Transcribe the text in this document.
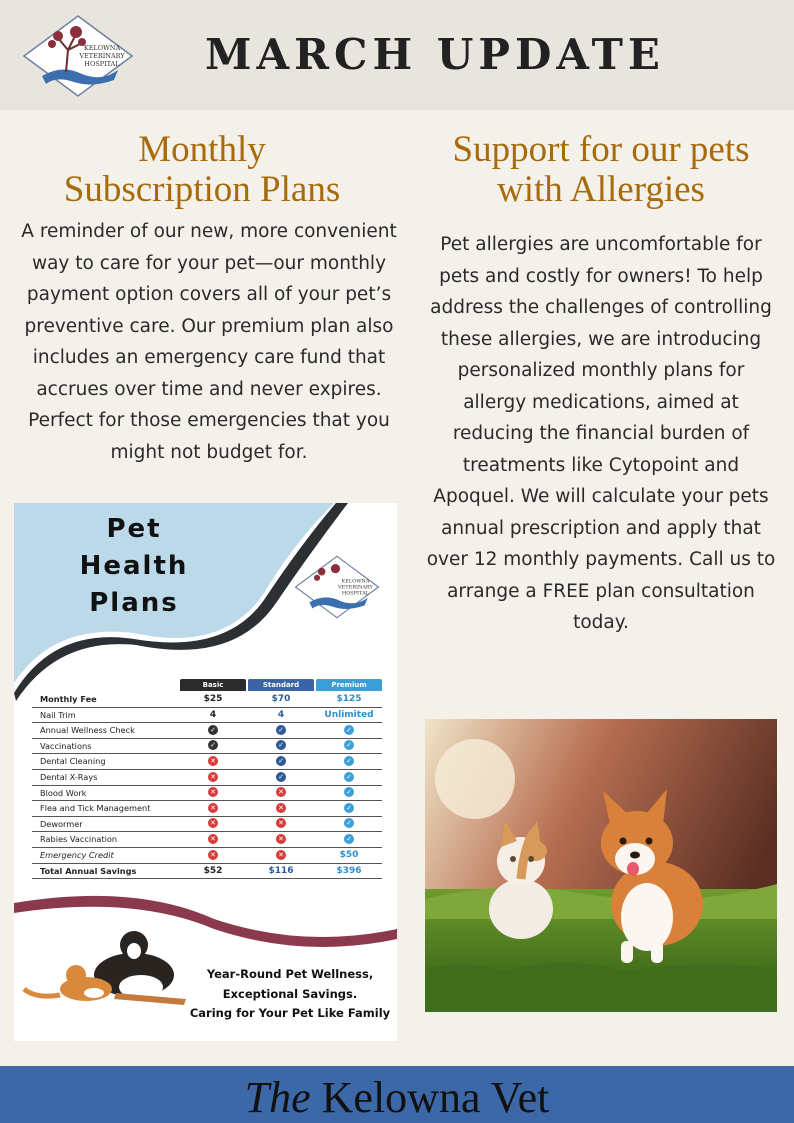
KELOWNA
VETERINARY
HOSPITAL	MARCH UPDATE
Monthly
Subscription Plans
A reminder of our new, more convenient way to care for your pet—our monthly payment option covers all of your pet’s preventive care. Our premium plan also includes an emergency care fund that accrues over time and never expires. Perfect for those emergencies that you might not budget for.
Support for our pets
with Allergies
Pet allergies are uncomfortable for pets and costly for owners! To help address the challenges of controlling these allergies, we are introducing personalized monthly plans for allergy medications, aimed at reducing the financial burden of treatments like Cytopoint and Apoquel. We will calculate your pets annual prescription and apply that over 12 monthly payments. Call us to arrange a FREE plan consultation today.
Pet
Health
Plans
KELOWNA
VETERINARY
HOSPITAL
Basic	Standard	Premium
Monthly Fee	$25	$70	$125
Nail Trim	4	4	Unlimited
Annual Wellness Check	✓	✓	✓
Vaccinations	✓	✓	✓
Dental Cleaning	✕	✓	✓
Dental X-Rays	✕	✓	✓
Blood Work	✕	✕	✓
Flea and Tick Management	✕	✕	✓
Dewormer	✕	✕	✓
Rabies Vaccination	✕	✕	✓
Emergency Credit	✕	✕	$50
Total Annual Savings	$52	$116	$396
Year-Round Pet Wellness,
Exceptional Savings.
Caring for Your Pet Like Family
The Kelowna Vet
